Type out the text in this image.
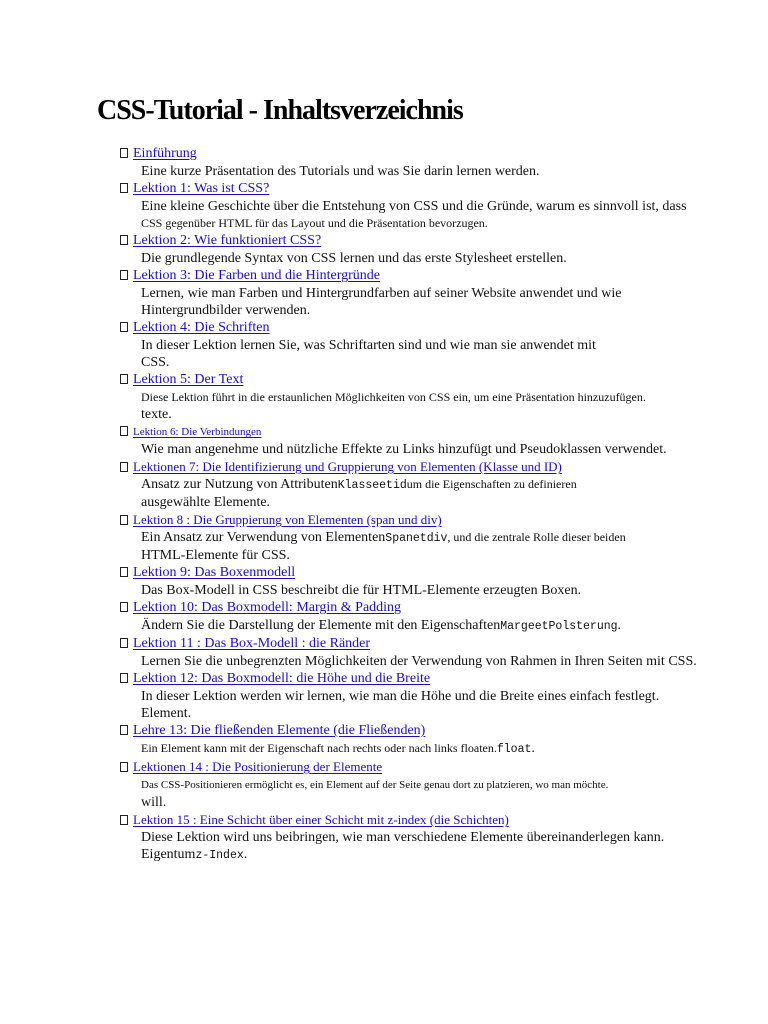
CSS-Tutorial - Inhaltsverzeichnis
Einführung
Eine kurze Präsentation des Tutorials und was Sie darin lernen werden.
Lektion 1: Was ist CSS?
Eine kleine Geschichte über die Entstehung von CSS und die Gründe, warum es sinnvoll ist, dass
CSS gegenüber HTML für das Layout und die Präsentation bevorzugen.
Lektion 2: Wie funktioniert CSS?
Die grundlegende Syntax von CSS lernen und das erste Stylesheet erstellen.
Lektion 3: Die Farben und die Hintergründe
Lernen, wie man Farben und Hintergrundfarben auf seiner Website anwendet und wie
Hintergrundbilder verwenden.
Lektion 4: Die Schriften
In dieser Lektion lernen Sie, was Schriftarten sind und wie man sie anwendet mit
CSS.
Lektion 5: Der Text
Diese Lektion führt in die erstaunlichen Möglichkeiten von CSS ein, um eine Präsentation hinzuzufügen.
texte.
Lektion 6: Die Verbindungen
Wie man angenehme und nützliche Effekte zu Links hinzufügt und Pseudoklassen verwendet.
Lektionen 7: Die Identifizierung und Gruppierung von Elementen (Klasse und ID)
Ansatz zur Nutzung von AttributenKlasseetidum die Eigenschaften zu definieren
ausgewählte Elemente.
Lektion 8 : Die Gruppierung von Elementen (span und div)
Ein Ansatz zur Verwendung von ElementenSpanetdiv, und die zentrale Rolle dieser beiden
HTML-Elemente für CSS.
Lektion 9: Das Boxenmodell
Das Box-Modell in CSS beschreibt die für HTML-Elemente erzeugten Boxen.
Lektion 10: Das Boxmodell: Margin & Padding
Ändern Sie die Darstellung der Elemente mit den EigenschaftenMargeetPolsterung.
Lektion 11 : Das Box-Modell : die Ränder
Lernen Sie die unbegrenzten Möglichkeiten der Verwendung von Rahmen in Ihren Seiten mit CSS.
Lektion 12: Das Boxmodell: die Höhe und die Breite
In dieser Lektion werden wir lernen, wie man die Höhe und die Breite eines einfach festlegt.
Element.
Lehre 13: Die fließenden Elemente (die Fließenden)
Ein Element kann mit der Eigenschaft nach rechts oder nach links floaten.float.
Lektionen 14 : Die Positionierung der Elemente
Das CSS-Positionieren ermöglicht es, ein Element auf der Seite genau dort zu platzieren, wo man möchte.
will.
Lektion 15 : Eine Schicht über einer Schicht mit z-index (die Schichten)
Diese Lektion wird uns beibringen, wie man verschiedene Elemente übereinanderlegen kann.
Eigentumz-Index.
